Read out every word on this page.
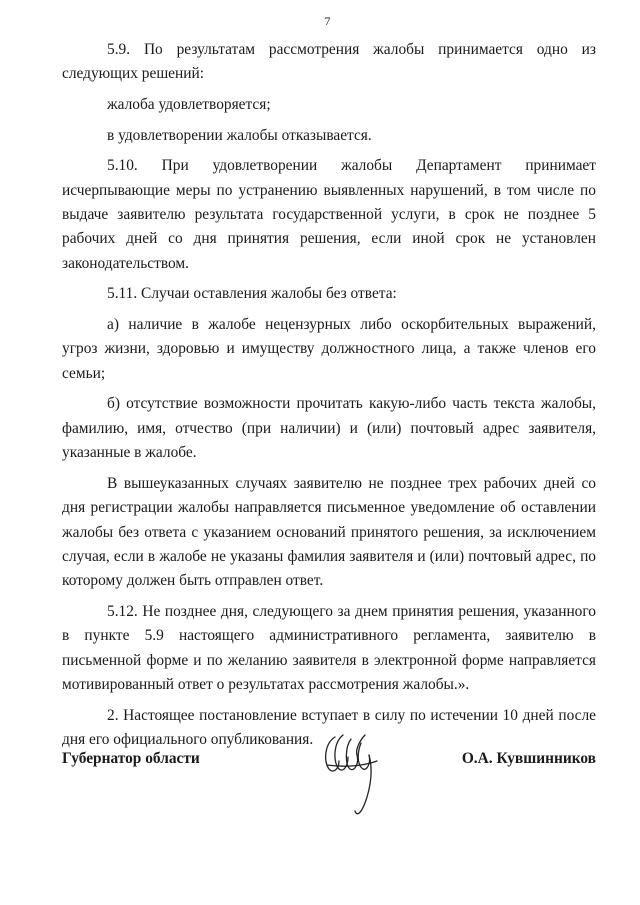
7

5.9. По результатам рассмотрения жалобы принимается одно из следующих решений:

жалоба удовлетворяется;

в удовлетворении жалобы отказывается.

5.10. При удовлетворении жалобы Департамент принимает исчерпывающие меры по устранению выявленных нарушений, в том числе по выдаче заявителю результата государственной услуги, в срок не позднее 5 рабочих дней со дня принятия решения, если иной срок не установлен законодательством.

5.11. Случаи оставления жалобы без ответа:

а) наличие в жалобе нецензурных либо оскорбительных выражений, угроз жизни, здоровью и имуществу должностного лица, а также членов его семьи;

б) отсутствие возможности прочитать какую-либо часть текста жалобы, фамилию, имя, отчество (при наличии) и (или) почтовый адрес заявителя, указанные в жалобе.

В вышеуказанных случаях заявителю не позднее трех рабочих дней со дня регистрации жалобы направляется письменное уведомление об оставлении жалобы без ответа с указанием оснований принятого решения, за исключением случая, если в жалобе не указаны фамилия заявителя и (или) почтовый адрес, по которому должен быть отправлен ответ.

5.12. Не позднее дня, следующего за днем принятия решения, указанного в пункте 5.9 настоящего административного регламента, заявителю в письменной форме и по желанию заявителя в электронной форме направляется мотивированный ответ о результатах рассмотрения жалобы.».

2. Настоящее постановление вступает в силу по истечении 10 дней после дня его официального опубликования.

Губернатор области	О.А. Кувшинников
